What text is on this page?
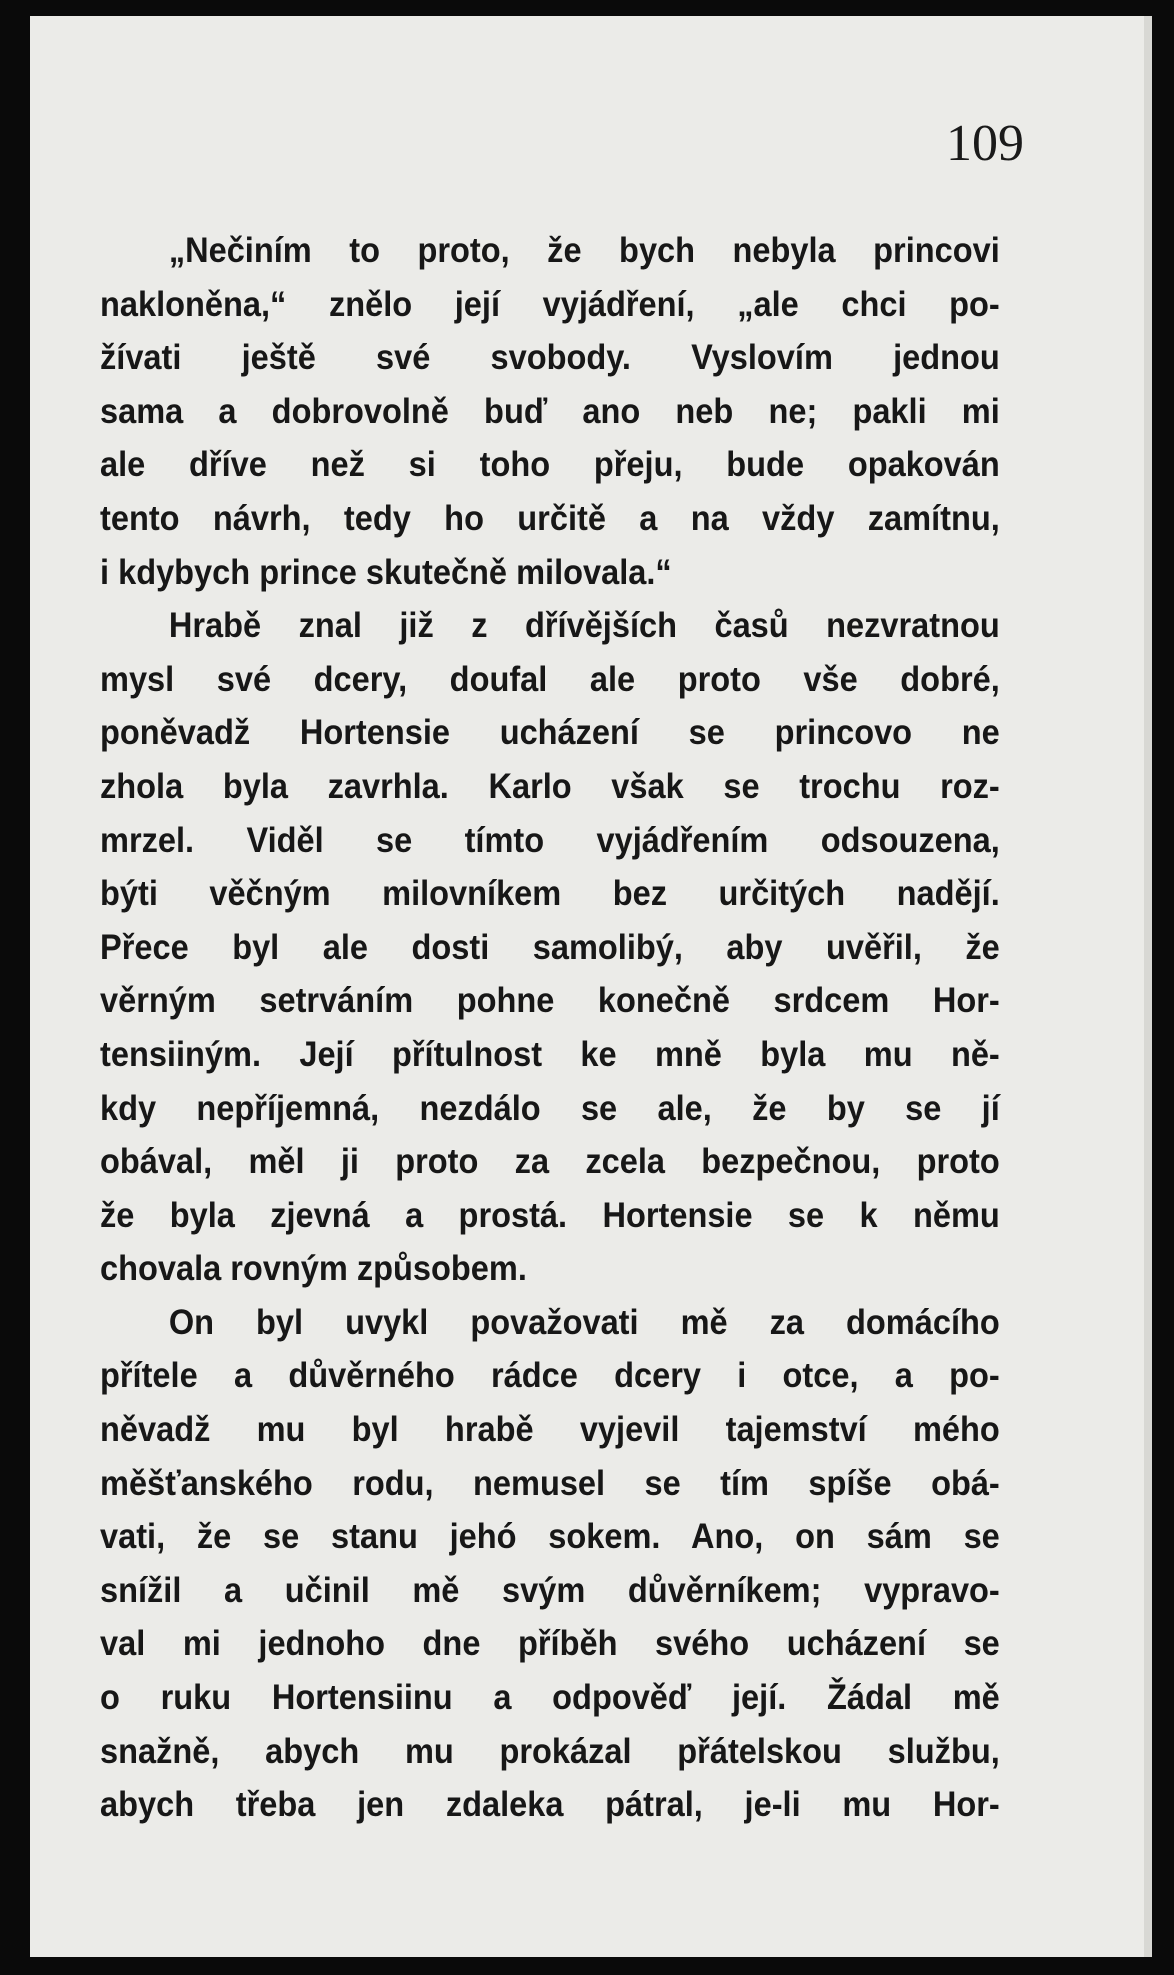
109
„Nečiním to proto, že bych nebyla princovi
nakloněna,“ znělo její vyjádření, „ale chci po-
žívati ještě své svobody. Vyslovím jednou
sama a dobrovolně buď ano neb ne; pakli mi
ale dříve než si toho přeju, bude opakován
tento návrh, tedy ho určitě a na vždy zamítnu,
i kdybych prince skutečně milovala.“
Hrabě znal již z dřívějších časů nezvratnou
mysl své dcery, doufal ale proto vše dobré,
poněvadž Hortensie ucházení se princovo ne
zhola byla zavrhla. Karlo však se trochu roz-
mrzel. Viděl se tímto vyjádřením odsouzena,
býti věčným milovníkem bez určitých nadějí.
Přece byl ale dosti samolibý, aby uvěřil, že
věrným setrváním pohne konečně srdcem Hor-
tensiiným. Její přítulnost ke mně byla mu ně-
kdy nepříjemná, nezdálo se ale, že by se jí
obával, měl ji proto za zcela bezpečnou, proto
že byla zjevná a prostá. Hortensie se k němu
chovala rovným způsobem.
On byl uvykl považovati mě za domácího
přítele a důvěrného rádce dcery i otce, a po-
něvadž mu byl hrabě vyjevil tajemství mého
měšťanského rodu, nemusel se tím spíše obá-
vati, že se stanu jehó sokem. Ano, on sám se
snížil a učinil mě svým důvěrníkem; vypravo-
val mi jednoho dne příběh svého ucházení se
o ruku Hortensiinu a odpověď její. Žádal mě
snažně, abych mu prokázal přátelskou službu,
abych třeba jen zdaleka pátral, je-li mu Hor-
